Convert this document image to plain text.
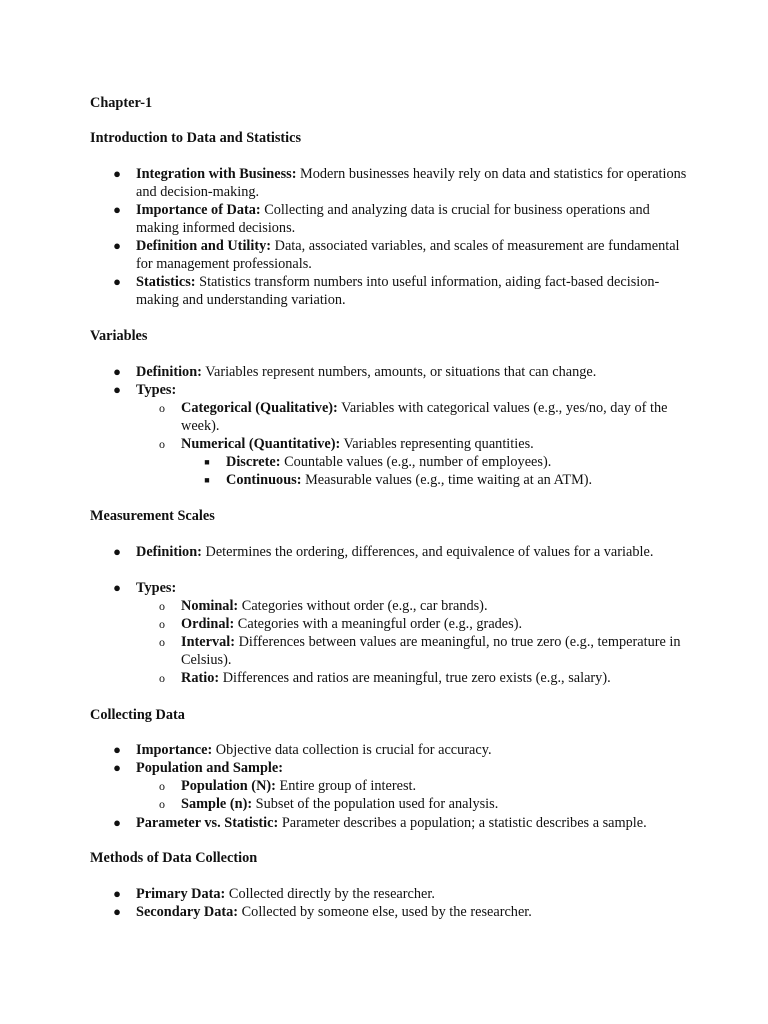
Chapter-1
Introduction to Data and Statistics
● Integration with Business: Modern businesses heavily rely on data and statistics for operations and decision-making.

● Importance of Data: Collecting and analyzing data is crucial for business operations and making informed decisions.

● Definition and Utility: Data, associated variables, and scales of measurement are fundamental for management professionals.

● Statistics: Statistics transform numbers into useful information, aiding fact-based decision-making and understanding variation.

Variables
● Definition: Variables represent numbers, amounts, or situations that can change.

● Types:

o Categorical (Qualitative): Variables with categorical values (e.g., yes/no, day of the week).

o Numerical (Quantitative): Variables representing quantities.

■ Discrete: Countable values (e.g., number of employees).

■ Continuous: Measurable values (e.g., time waiting at an ATM).

Measurement Scales
● Definition: Determines the ordering, differences, and equivalence of values for a variable.

● Types:

o Nominal: Categories without order (e.g., car brands).

o Ordinal: Categories with a meaningful order (e.g., grades).

o Interval: Differences between values are meaningful, no true zero (e.g., temperature in Celsius).

o Ratio: Differences and ratios are meaningful, true zero exists (e.g., salary).

Collecting Data
● Importance: Objective data collection is crucial for accuracy.

● Population and Sample:

o Population (N): Entire group of interest.

o Sample (n): Subset of the population used for analysis.

● Parameter vs. Statistic: Parameter describes a population; a statistic describes a sample.

Methods of Data Collection
● Primary Data: Collected directly by the researcher.

● Secondary Data: Collected by someone else, used by the researcher.
